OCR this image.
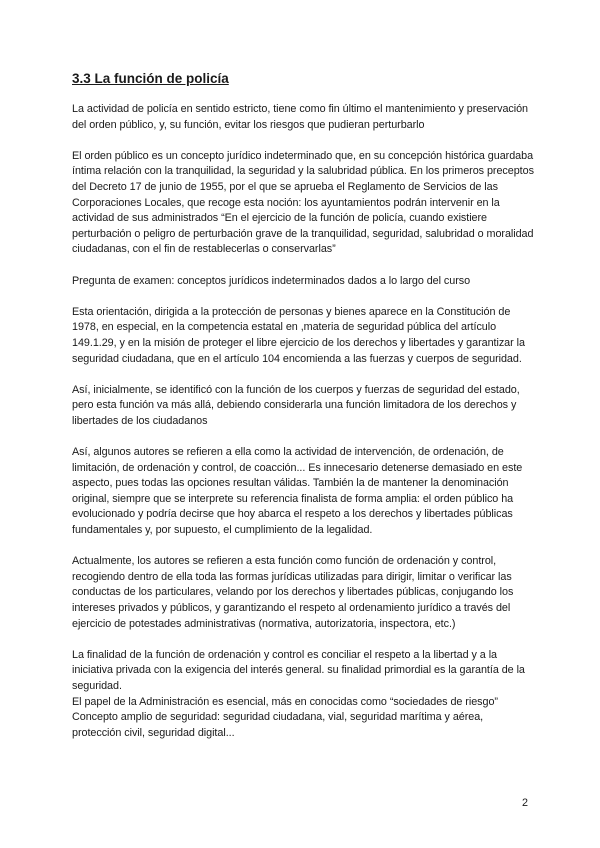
3.3 La función de policía

La actividad de policía en sentido estricto, tiene como fin último el mantenimiento y preservación del orden público, y, su función, evitar los riesgos que pudieran perturbarlo

El orden público es un concepto jurídico indeterminado que, en su concepción histórica guardaba íntima relación con la tranquilidad, la seguridad y la salubridad pública. En los primeros preceptos del Decreto 17 de junio de 1955, por el que se aprueba el Reglamento de Servicios de las Corporaciones Locales, que recoge esta noción: los ayuntamientos podrán intervenir en la actividad de sus administrados “En el ejercicio de la función de policía, cuando existiere perturbación o peligro de perturbación grave de la tranquilidad, seguridad, salubridad o moralidad ciudadanas, con el fin de restablecerlas o conservarlas”

Pregunta de examen: conceptos jurídicos indeterminados dados a lo largo del curso

Esta orientación, dirigida a la protección de personas y bienes aparece en la Constitución de 1978, en especial, en la competencia estatal en ,materia de seguridad pública del artículo 149.1.29, y en la misión de proteger el libre ejercicio de los derechos y libertades y garantizar la seguridad ciudadana, que en el artículo 104 encomienda a las fuerzas y cuerpos de seguridad.

Así, inicialmente, se identificó con la función de los cuerpos y fuerzas de seguridad del estado, pero esta función va más allá, debiendo considerarla una función limitadora de los derechos y libertades de los ciudadanos

Así, algunos autores se refieren a ella como la actividad de intervención, de ordenación, de limitación, de ordenación y control, de coacción... Es innecesario detenerse demasiado en este aspecto, pues todas las opciones resultan válidas. También la de mantener la denominación original, siempre que se interprete su referencia finalista de forma amplia: el orden público ha evolucionado y podría decirse que hoy abarca el respeto a los derechos y libertades públicas fundamentales y, por supuesto, el cumplimiento de la legalidad.

Actualmente, los autores se refieren a esta función como función de ordenación y control, recogiendo dentro de ella toda las formas jurídicas utilizadas para dirigir, limitar o verificar las conductas de los particulares, velando por los derechos y libertades públicas, conjugando los intereses privados y públicos, y garantizando el respeto al ordenamiento jurídico a través del ejercicio de potestades administrativas (normativa, autorizatoria, inspectora, etc.)

La finalidad de la función de ordenación y control es conciliar el respeto a la libertad y a la iniciativa privada con la exigencia del interés general. su finalidad primordial es la garantía de la seguridad.

El papel de la Administración es esencial, más en conocidas como “sociedades de riesgo”

Concepto amplio de seguridad: seguridad ciudadana, vial, seguridad marítima y aérea, protección civil, seguridad digital...

2
